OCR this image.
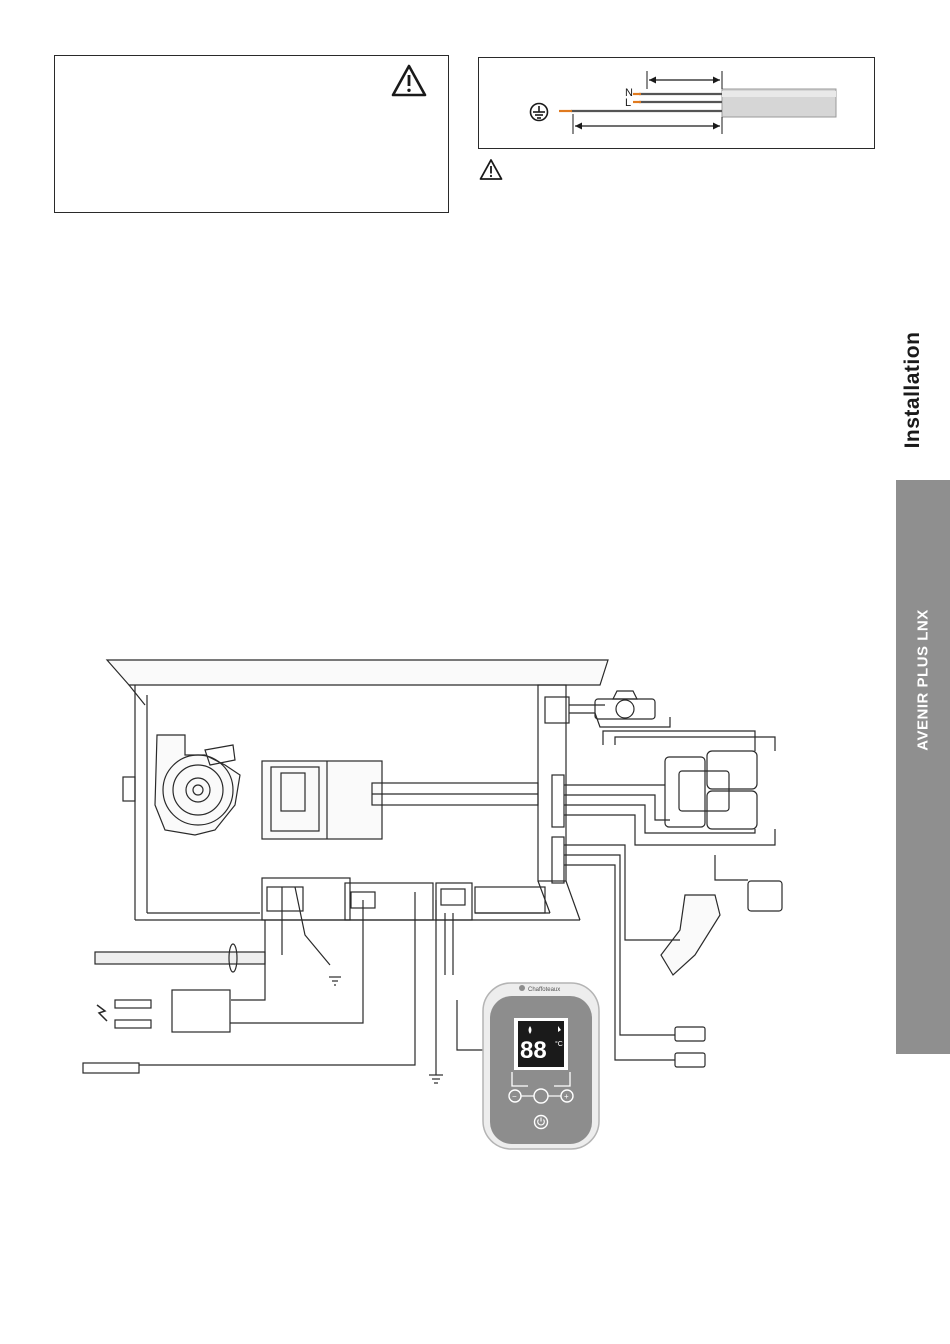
N
L
Installation
AVENIR PLUS LNX
Chaffoteaux
88 °C
−	+
